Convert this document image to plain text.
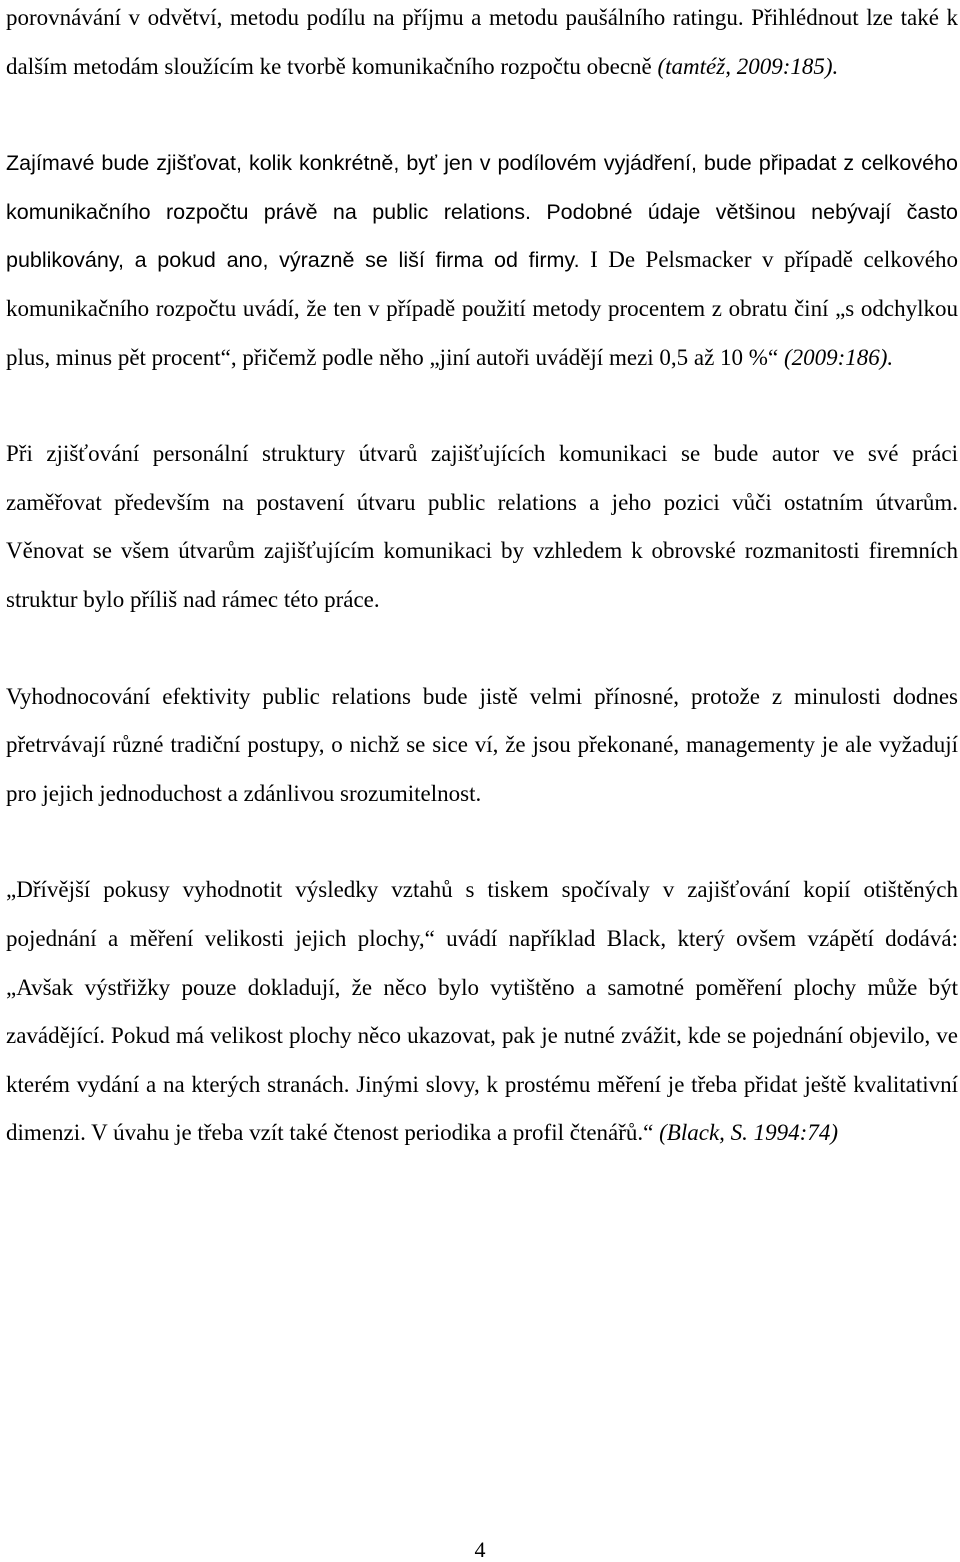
porovnávání v odvětví, metodu podílu na příjmu a metodu paušálního ratingu. Přihlédnout lze také k dalším metodám sloužícím ke tvorbě komunikačního rozpočtu obecně (tamtéž, 2009:185).

Zajímavé bude zjišťovat, kolik konkrétně, byť jen v podílovém vyjádření, bude připadat z celkového komunikačního rozpočtu právě na public relations. Podobné údaje většinou nebývají často publikovány, a pokud ano, výrazně se liší firma od firmy. I De Pelsmacker v případě celkového komunikačního rozpočtu uvádí, že ten v případě použití metody procentem z obratu činí „s odchylkou plus, minus pět procent“, přičemž podle něho „jiní autoři uvádějí mezi 0,5 až 10 %“ (2009:186).

Při zjišťování personální struktury útvarů zajišťujících komunikaci se bude autor ve své práci zaměřovat především na postavení útvaru public relations a jeho pozici vůči ostatním útvarům. Věnovat se všem útvarům zajišťujícím komunikaci by vzhledem k obrovské rozmanitosti firemních struktur bylo příliš nad rámec této práce.

Vyhodnocování efektivity public relations bude jistě velmi přínosné, protože z minulosti dodnes přetrvávají různé tradiční postupy, o nichž se sice ví, že jsou překonané, managementy je ale vyžadují pro jejich jednoduchost a zdánlivou srozumitelnost.

„Dřívější pokusy vyhodnotit výsledky vztahů s tiskem spočívaly v zajišťování kopií otištěných pojednání a měření velikosti jejich plochy,“ uvádí například Black, který ovšem vzápětí dodává: „Avšak výstřižky pouze dokladují, že něco bylo vytištěno a samotné poměření plochy může být zavádějící. Pokud má velikost plochy něco ukazovat, pak je nutné zvážit, kde se pojednání objevilo, ve kterém vydání a na kterých stranách. Jinými slovy, k prostému měření je třeba přidat ještě kvalitativní dimenzi. V úvahu je třeba vzít také čtenost periodika a profil čtenářů.“ (Black, S. 1994:74)

4
